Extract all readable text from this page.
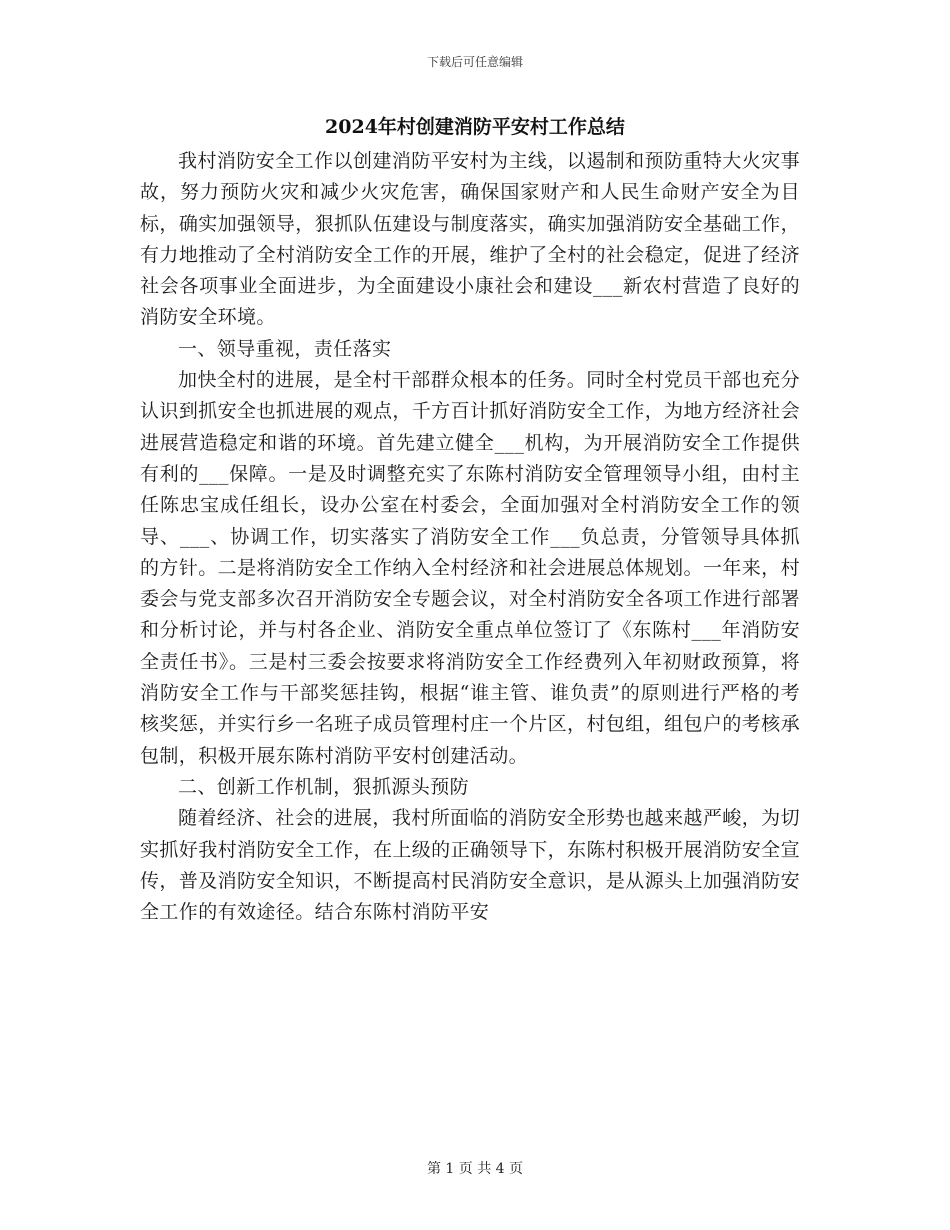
下载后可任意编辑
2024年村创建消防平安村工作总结

我村消防安全工作以创建消防平安村为主线，以遏制和预防重特大火灾事故，努力预防火灾和减少火灾危害，确保国家财产和人民生命财产安全为目标，确实加强领导，狠抓队伍建设与制度落实，确实加强消防安全基础工作，有力地推动了全村消防安全工作的开展，维护了全村的社会稳定，促进了经济社会各项事业全面进步，为全面建设小康社会和建设___新农村营造了良好的消防安全环境。

一、领导重视，责任落实

加快全村的进展，是全村干部群众根本的任务。同时全村党员干部也充分认识到抓安全也抓进展的观点，千方百计抓好消防安全工作，为地方经济社会进展营造稳定和谐的环境。首先建立健全___机构，为开展消防安全工作提供有利的___保障。一是及时调整充实了东陈村消防安全管理领导小组，由村主任陈忠宝成任组长，设办公室在村委会，全面加强对全村消防安全工作的领导、___、协调工作，切实落实了消防安全工作___负总责，分管领导具体抓的方针。二是将消防安全工作纳入全村经济和社会进展总体规划。一年来，村委会与党支部多次召开消防安全专题会议，对全村消防安全各项工作进行部署和分析讨论，并与村各企业、消防安全重点单位签订了《东陈村___年消防安全责任书》。三是村三委会按要求将消防安全工作经费列入年初财政预算，将消防安全工作与干部奖惩挂钩，根据“谁主管、谁负责”的原则进行严格的考核奖惩，并实行乡一名班子成员管理村庄一个片区，村包组，组包户的考核承包制，积极开展东陈村消防平安村创建活动。

二、创新工作机制，狠抓源头预防

随着经济、社会的进展，我村所面临的消防安全形势也越来越严峻，为切实抓好我村消防安全工作，在上级的正确领导下，东陈村积极开展消防安全宣传，普及消防安全知识，不断提高村民消防安全意识，是从源头上加强消防安全工作的有效途径。结合东陈村消防平安

第 1 页 共 4 页
